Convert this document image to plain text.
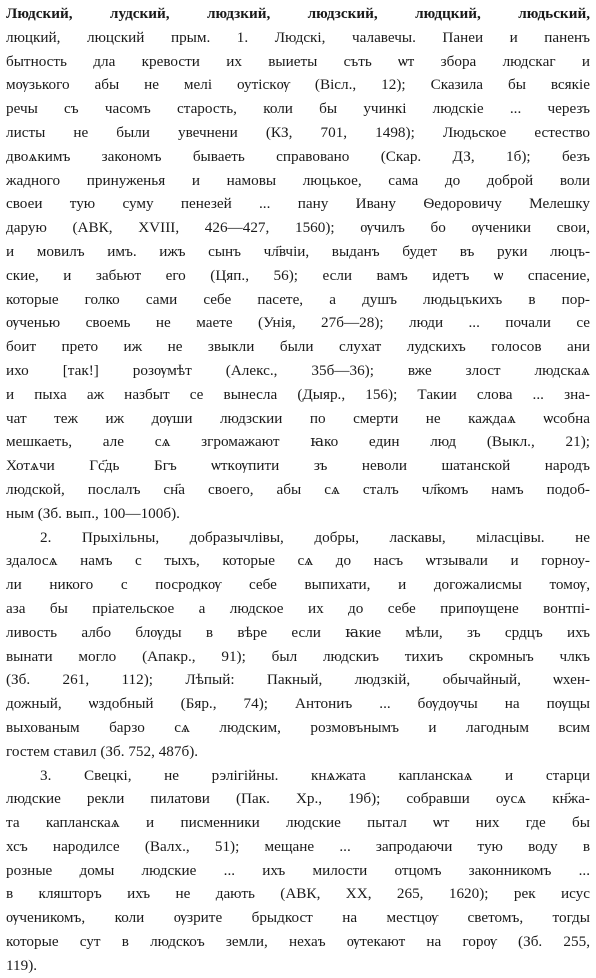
Людский, лудский, людзкий, людзский, людцкий, людьский,
люцкий, люцский прым. 1. Людскі, чалавечы. Панеи и паненъ
бытность дла кревости их выиеты съть ѡт зборa людскaг и
мѹзького абы не мелі оутіскѹ (Вісл., 12); Сказила бы всякіе
речы съ часомъ старость, коли бы учинкі людскіе ... черезъ
листы не были увечнени (КЗ, 701, 1498); Людьское естество
двоѧкимъ закономъ бываеть справовано (Скар. ДЗ, 1б); безъ
жадного принуженья и намовы люцькое, сама до доброй воли
своеи тую суму пенезей ... пану Ивану Ѳедоровичу Мелешку
дарую (АВК, XVIII, 426—427, 1560); ѹчилъ бо ѹченики свои,
и мовилъ имъ. ижъ сынъ чл҃вчіи, выданъ будет въ руки люцъ-
ские, и забьют его (Цяп., 56); если вамъ идетъ ѡ спасение,
которые голко сами себе пасете, а душъ людьцъкихъ в пор-
ѹченью своемь не маете (Унія, 27б—28); люди ... почали се
боит прето иж не звыкли были слухат лудскихъ голосов ани
ихо [так!] розѹмѣт (Алекс., 35б—36); вже злост людскаѧ
и пыха аж назбыт се вынесла (Дыяр., 156); Такии слова ... зна-
чат теж иж дѹши людзскии по смерти не каждаѧ ѡсобна
мешкаеть, але сѧ згромажают ꙗко един люд (Выкл., 21);
Хотѧчи Гс҃дь Бгъ ѡткѹпити зъ неволи шатанской народъ
людской, послалъ сн҃а своего, абы сѧ сталъ чл҃комъ намъ подоб-
ным (Зб. вып., 100—100б).
2. Прыхільны, добразычлівы, добры, ласкавы, міласцівы. не
здалосѧ намъ с тыхъ, которые сѧ до насъ ѡтзывали и горноу-
ли никого с посродкѹ себе выпихати, и догожалисмы томѹ,
аза бы пріательское а людское их до себе припѹщене вонтпі-
ливость албо блѹды в вѣре если ꙗкие мѣли, зъ срдцъ ихъ
вынати могло (Апакр., 91); был людскиъ тихиъ скромныъ члкъ
(Зб. 261, 112); Лѣпый: Пакный, людзкій, обычайный, ѡхен-
дожный, ѡздобный (Бяр., 74); Антониъ ... бѹдѹчы на пѹщы
выхованым барзо сѧ людским, розмовънымъ и лагодным всим
гостем ставил (Зб. 752, 487б).
3. Свецкі, не рэлігійны. кнѧжата капланскаѧ и старци
людские рекли пилатови (Пак. Хр., 19б); собравши оусѧ кн҃жа-
та капланскаѧ и писменники людские пытал ѡт них где бы
хсъ народилсе (Валх., 51); мещане ... запродаючи тую воду в
розные домы людские ... ихъ милости отцомъ законникомъ ...
в кляшторъ ихъ не дають (АВК, XX, 265, 1620); рек исус
ѹченикомъ, коли ѹзрите брыдкост на местцѹ светомъ, тогды
которые сут в людскоъ земли, нехаъ ѹтекают на горѹ (Зб. 255,
119).
